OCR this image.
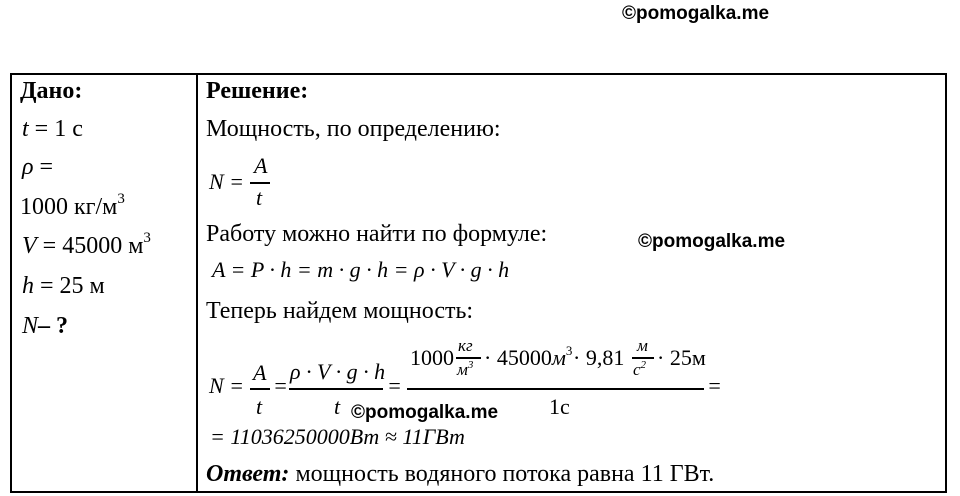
©pomogalka.me
Дано:
t = 1 с
ρ =
1000 $кг/м^3$
V = 45000 $м^3$
h = 25 м
N– ?
Решение:
Мощность, по определению:
N =
A
t
Работу можно найти по формуле:
A = P · h = m · g · h = ρ · V · g · h
Теперь найдем мощность:
N =
A
t
=
ρ · V · g · h
t
=
1000 кг
$м^3 \cdot 45000м^3 \cdot 9,81$ м
$с^2 \cdot 25м$
1с
=
©pomogalka.me
©pomogalka.me
= 11036250000Вт ≈ 11ГВт
Ответ: мощность водяного потока равна 11 ГВт.
